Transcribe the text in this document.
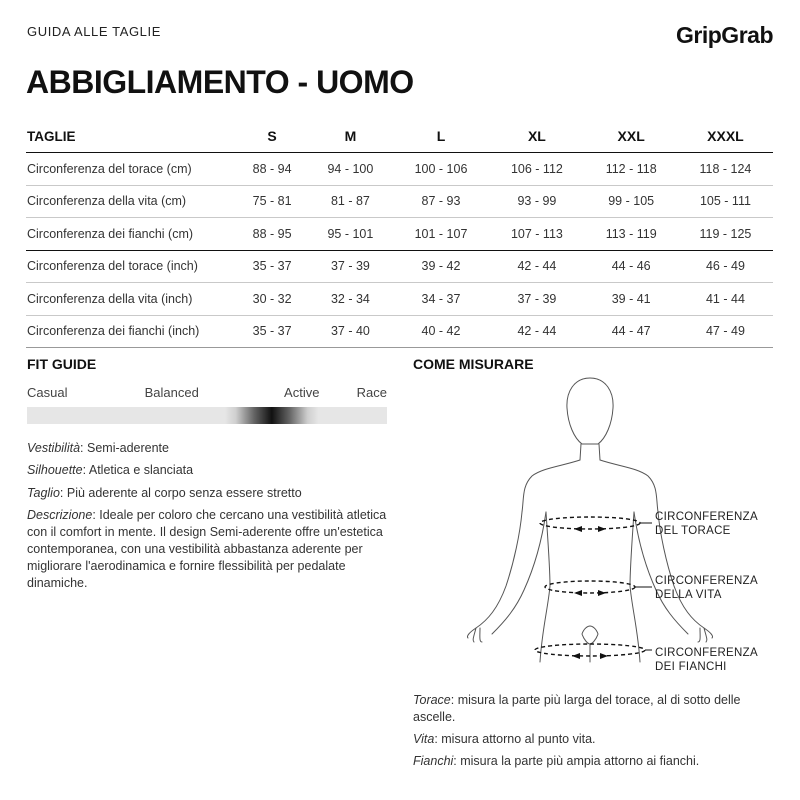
GUIDA ALLE TAGLIE	GripGrab
ABBIGLIAMENTO - UOMO
TAGLIE	S	M	L	XL	XXL	XXXL
Circonferenza del torace (cm)	88 - 94	94 - 100	100 - 106	106 - 112	112 - 118	118 - 124
Circonferenza della vita (cm)	75 - 81	81 - 87	87 - 93	93 - 99	99 - 105	105 - 111
Circonferenza dei fianchi (cm)	88 - 95	95 - 101	101 - 107	107 - 113	113 - 119	119 - 125
Circonferenza del torace (inch)	35 - 37	37 - 39	39 - 42	42 - 44	44 - 46	46 - 49
Circonferenza della vita (inch)	30 - 32	32 - 34	34 - 37	37 - 39	39 - 41	41 - 44
Circonferenza dei fianchi (inch)	35 - 37	37 - 40	40 - 42	42 - 44	44 - 47	47 - 49
FIT GUIDE
Casual	Balanced	Active	Race
Vestibilità: Semi-aderente
Silhouette: Atletica e slanciata
Taglio: Più aderente al corpo senza essere stretto
Descrizione: Ideale per coloro che cercano una vestibilità atletica con il comfort in mente. Il design Semi-aderente offre un'estetica contemporanea, con una vestibilità abbastanza aderente per migliorare l'aerodinamica e fornire flessibilità per pedalate dinamiche.
COME MISURARE
CIRCONFERENZA
DEL TORACE
CIRCONFERENZA
DELLA VITA
CIRCONFERENZA
DEI FIANCHI
Torace: misura la parte più larga del torace, al di sotto delle ascelle.
Vita: misura attorno al punto vita.
Fianchi: misura la parte più ampia attorno ai fianchi.
